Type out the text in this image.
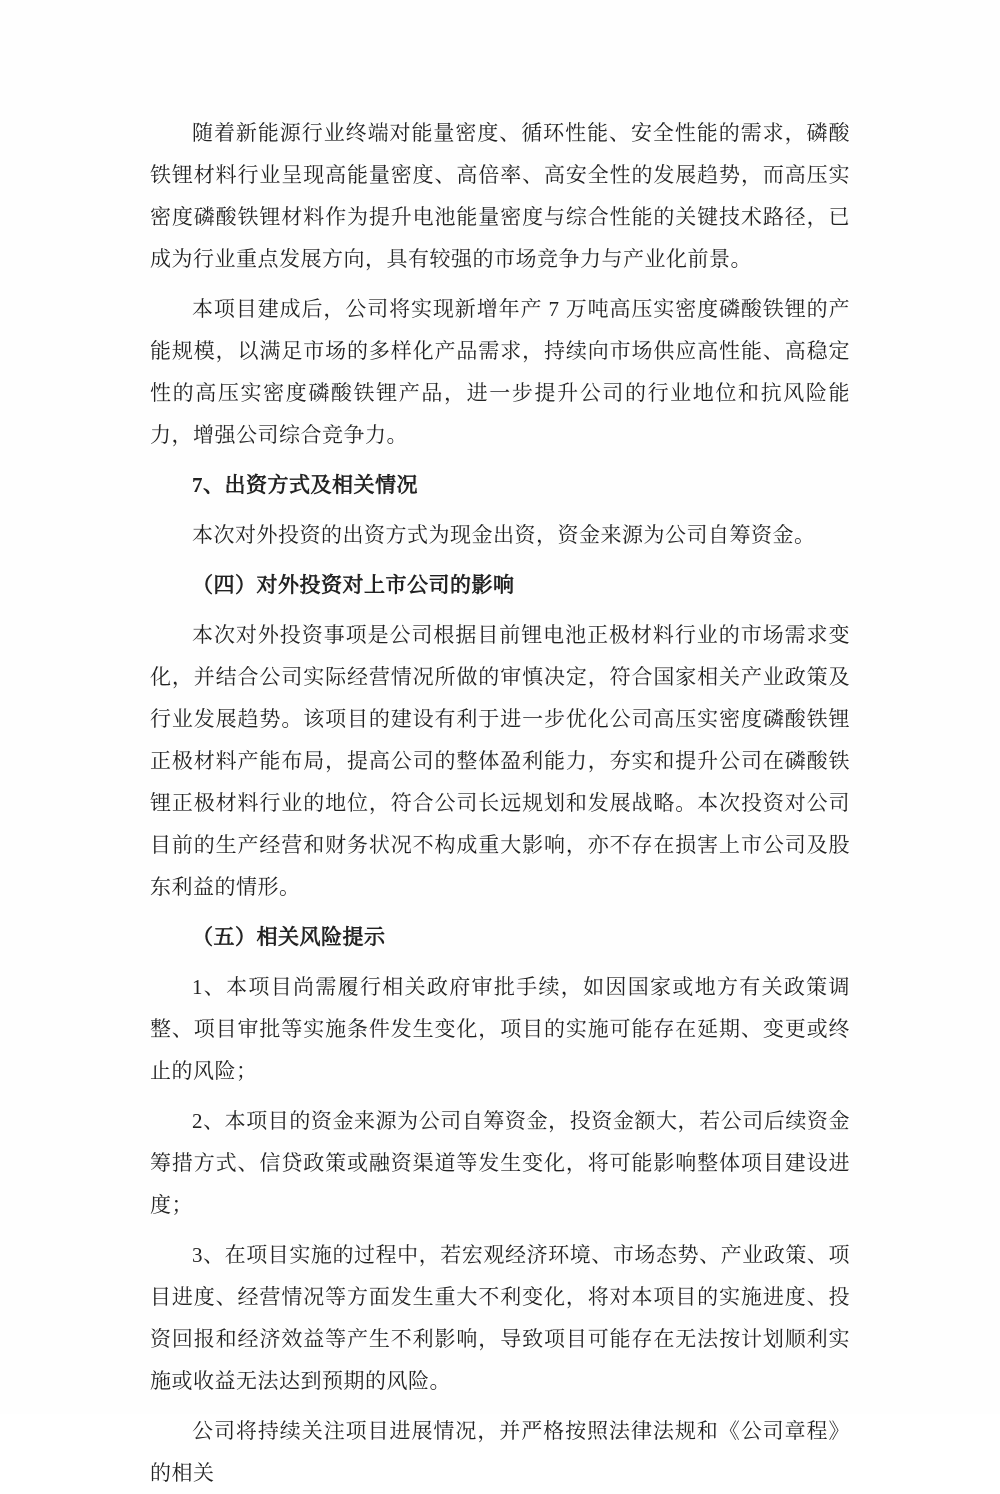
随着新能源行业终端对能量密度、循环性能、安全性能的需求，磷酸铁锂材料行业呈现高能量密度、高倍率、高安全性的发展趋势，而高压实密度磷酸铁锂材料作为提升电池能量密度与综合性能的关键技术路径，已成为行业重点发展方向，具有较强的市场竞争力与产业化前景。

本项目建成后，公司将实现新增年产 7 万吨高压实密度磷酸铁锂的产能规模，以满足市场的多样化产品需求，持续向市场供应高性能、高稳定性的高压实密度磷酸铁锂产品，进一步提升公司的行业地位和抗风险能力，增强公司综合竞争力。

7、出资方式及相关情况

本次对外投资的出资方式为现金出资，资金来源为公司自筹资金。

（四）对外投资对上市公司的影响

本次对外投资事项是公司根据目前锂电池正极材料行业的市场需求变化，并结合公司实际经营情况所做的审慎决定，符合国家相关产业政策及行业发展趋势。该项目的建设有利于进一步优化公司高压实密度磷酸铁锂正极材料产能布局，提高公司的整体盈利能力，夯实和提升公司在磷酸铁锂正极材料行业的地位，符合公司长远规划和发展战略。本次投资对公司目前的生产经营和财务状况不构成重大影响，亦不存在损害上市公司及股东利益的情形。

（五）相关风险提示

1、本项目尚需履行相关政府审批手续，如因国家或地方有关政策调整、项目审批等实施条件发生变化，项目的实施可能存在延期、变更或终止的风险；

2、本项目的资金来源为公司自筹资金，投资金额大，若公司后续资金筹措方式、信贷政策或融资渠道等发生变化，将可能影响整体项目建设进度；

3、在项目实施的过程中，若宏观经济环境、市场态势、产业政策、项目进度、经营情况等方面发生重大不利变化，将对本项目的实施进度、投资回报和经济效益等产生不利影响，导致项目可能存在无法按计划顺利实施或收益无法达到预期的风险。

公司将持续关注项目进展情况，并严格按照法律法规和《公司章程》的相关
